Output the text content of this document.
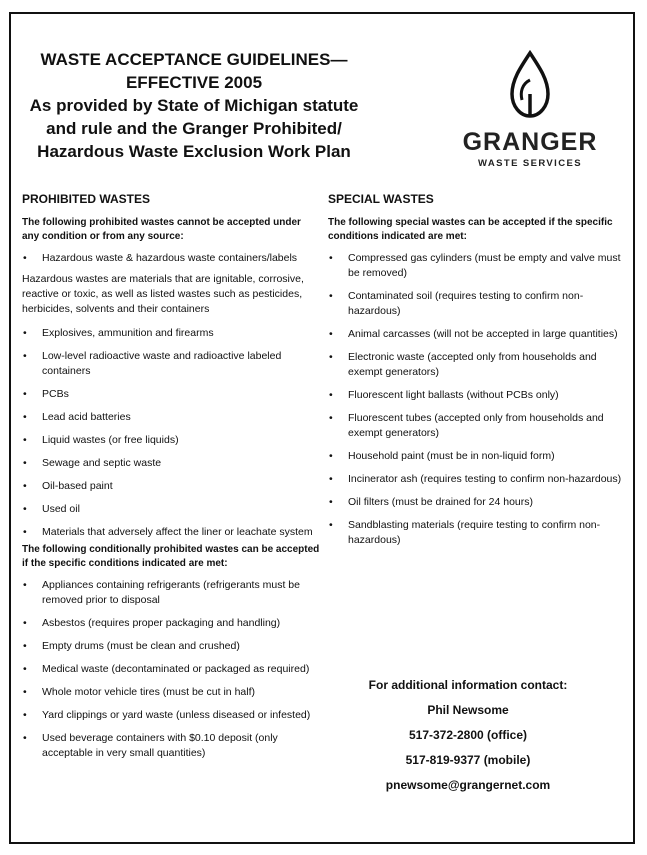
WASTE ACCEPTANCE GUIDELINES—
EFFECTIVE 2005
As provided by State of Michigan statute
and rule and the Granger Prohibited/
Hazardous Waste Exclusion Work Plan	GRANGER
WASTE SERVICES
PROHIBITED WASTES
The following prohibited wastes cannot be accepted under any condition or from any source:
• Hazardous waste & hazardous waste containers/labels
Hazardous wastes are materials that are ignitable, corrosive, reactive or toxic, as well as listed wastes such as pesticides, herbicides, solvents and their containers
• Explosives, ammunition and firearms
• Low-level radioactive waste and radioactive labeled containers
• PCBs
• Lead acid batteries
• Liquid wastes (or free liquids)
• Sewage and septic waste
• Oil-based paint
• Used oil
• Materials that adversely affect the liner or leachate system
The following conditionally prohibited wastes can be accepted if the specific conditions indicated are met:
• Appliances containing refrigerants (refrigerants must be removed prior to disposal
• Asbestos (requires proper packaging and handling)
• Empty drums (must be clean and crushed)
• Medical waste (decontaminated or packaged as required)
• Whole motor vehicle tires (must be cut in half)
• Yard clippings or yard waste (unless diseased or infested)
• Used beverage containers with $0.10 deposit (only acceptable in very small quantities)
SPECIAL WASTES
The following special wastes can be accepted if the specific conditions indicated are met:
• Compressed gas cylinders (must be empty and valve must be removed)
• Contaminated soil (requires testing to confirm non-hazardous)
• Animal carcasses (will not be accepted in large quantities)
• Electronic waste (accepted only from households and exempt generators)
• Fluorescent light ballasts (without PCBs only)
• Fluorescent tubes (accepted only from households and exempt generators)
• Household paint (must be in non-liquid form)
• Incinerator ash (requires testing to confirm non-hazardous)
• Oil filters (must be drained for 24 hours)
• Sandblasting materials (require testing to confirm non-hazardous)
For additional information contact:
Phil Newsome
517-372-2800 (office)
517-819-9377 (mobile)
pnewsome@grangernet.com
